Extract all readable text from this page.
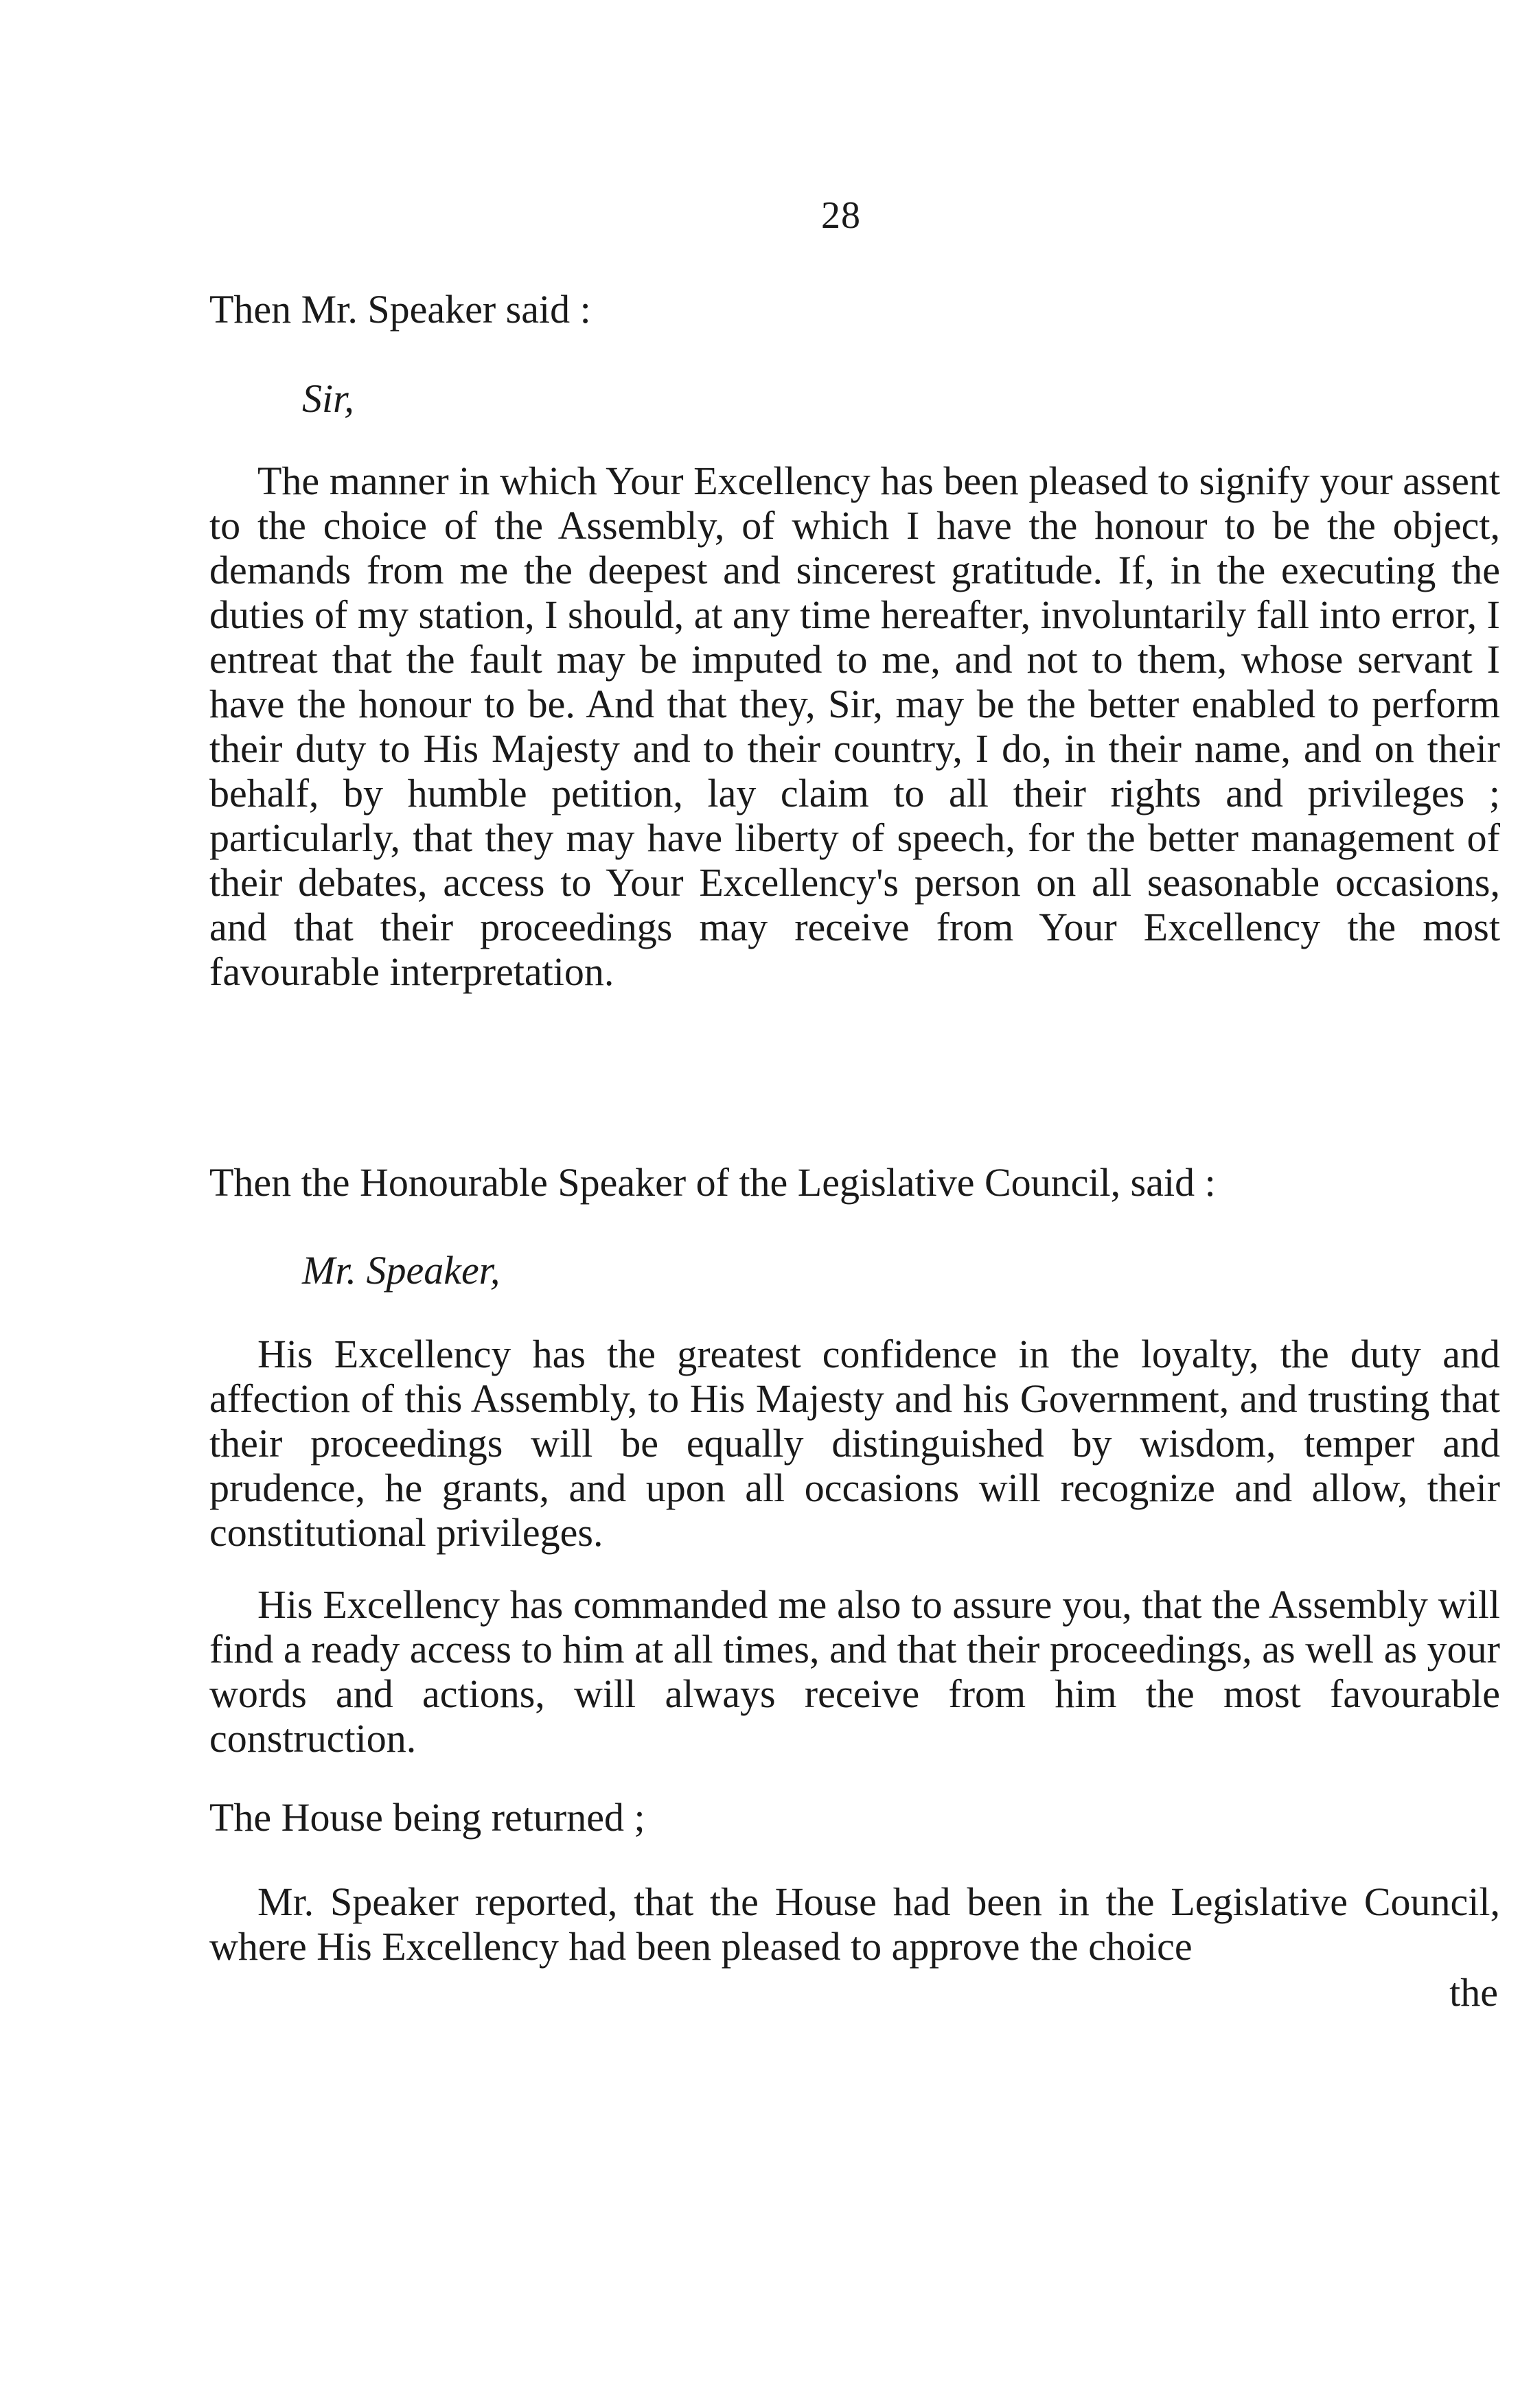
28
Then Mr. Speaker said :
Sir,
The manner in which Your Excellency has been pleased to signify your assent to the choice of the Assembly, of which I have the honour to be the object, demands from me the deepest and sincerest gratitude. If, in the executing the duties of my station, I should, at any time hereafter, involuntarily fall into error, I entreat that the fault may be imputed to me, and not to them, whose servant I have the honour to be. And that they, Sir, may be the better enabled to perform their duty to His Majesty and to their country, I do, in their name, and on their behalf, by humble petition, lay claim to all their rights and privileges ; particularly, that they may have liberty of speech, for the better management of their debates, access to Your Excellency's person on all seasonable occasions, and that their proceedings may receive from Your Excellency the most favourable interpretation.
Then the Honourable Speaker of the Legislative Council, said :
Mr. Speaker,
His Excellency has the greatest confidence in the loyalty, the duty and affection of this Assembly, to His Majesty and his Government, and trusting that their proceedings will be equally distinguished by wisdom, temper and prudence, he grants, and upon all occasions will recognize and allow, their constitutional privileges.
His Excellency has commanded me also to assure you, that the Assembly will find a ready access to him at all times, and that their proceedings, as well as your words and actions, will always receive from him the most favourable construction.
The House being returned ;
Mr. Speaker reported, that the House had been in the Legislative Council, where His Excellency had been pleased to approve the choice
the
